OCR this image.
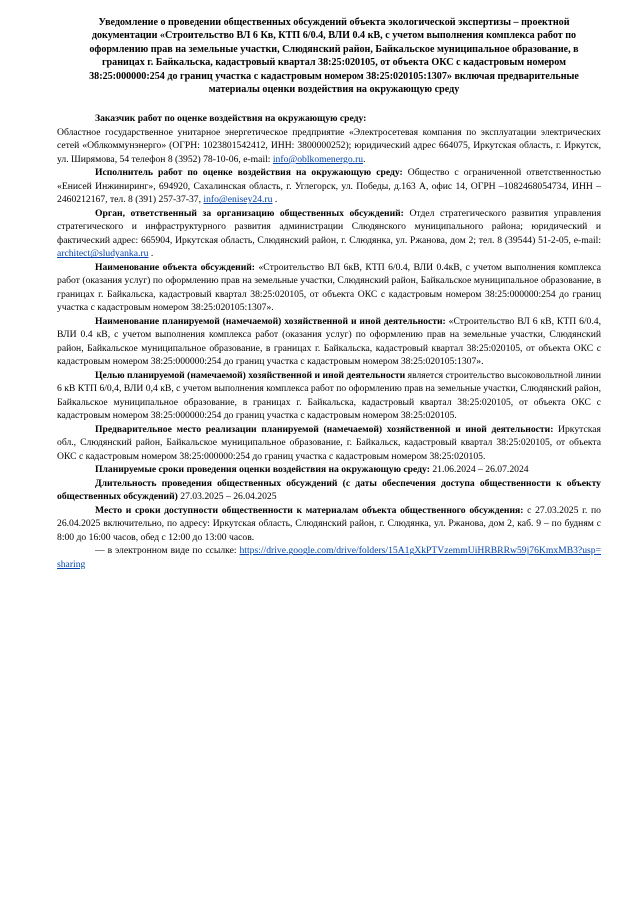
Уведомление о проведении общественных обсуждений объекта экологической экспертизы – проектной документации «Строительство ВЛ 6 Кв, КТП 6/0.4, ВЛИ 0.4 кВ, с учетом выполнения комплекса работ по оформлению прав на земельные участки, Слюдянский район, Байкальское муниципальное образование, в границах г. Байкальска, кадастровый квартал 38:25:020105, от объекта ОКС с кадастровым номером 38:25:000000:254 до границ участка с кадастровым номером 38:25:020105:1307» включая предварительные материалы оценки воздействия на окружающую среду

Заказчик работ по оценке воздействия на окружающую среду:
Областное государственное унитарное энергетическое предприятие «Электросетевая компания по эксплуатации электрических сетей «Облкоммунэнерго» (ОГРН: 1023801542412, ИНН: 3800000252); юридический адрес 664075, Иркутская область, г. Иркутск, ул. Ширямова, 54 телефон 8 (3952) 78-10-06, e-mail: info@oblkomenergo.ru.

Исполнитель работ по оценке воздействия на окружающую среду: Общество с ограниченной ответственностью «Енисей Инжиниринг», 694920, Сахалинская область, г. Углегорск, ул. Победы, д.163 А, офис 14, ОГРН –1082468054734, ИНН – 2460212167, тел. 8 (391) 257-37-37, info@enisey24.ru .

Орган, ответственный за организацию общественных обсуждений: Отдел стратегического развития управления стратегического и инфраструктурного развития администрации Слюдянского муниципального района; юридический и фактический адрес: 665904, Иркутская область, Слюдянский район, г. Слюдянка, ул. Ржанова, дом 2; тел. 8 (39544) 51-2-05, e-mail: architect@sludyanka.ru .

Наименование объекта обсуждений: «Строительство ВЛ 6кВ, КТП 6/0.4, ВЛИ 0.4кВ, с учетом выполнения комплекса работ (оказания услуг) по оформлению прав на земельные участки, Слюдянский район, Байкальское муниципальное образование, в границах г. Байкальска, кадастровый квартал 38:25:020105, от объекта ОКС с кадастровым номером 38:25:000000:254 до границ участка с кадастровым номером 38:25:020105:1307».

Наименование планируемой (намечаемой) хозяйственной и иной деятельности: «Строительство ВЛ 6 кВ, КТП 6/0.4, ВЛИ 0.4 кВ, с учетом выполнения комплекса работ (оказания услуг) по оформлению прав на земельные участки, Слюдянский район, Байкальское муниципальное образование, в границах г. Байкальска, кадастровый квартал 38:25:020105, от объекта ОКС с кадастровым номером 38:25:000000:254 до границ участка с кадастровым номером 38:25:020105:1307».

Целью планируемой (намечаемой) хозяйственной и иной деятельности является строительство высоковольтной линии 6 кВ КТП 6/0,4, ВЛИ 0,4 кВ, с учетом выполнения комплекса работ по оформлению прав на земельные участки, Слюдянский район, Байкальское муниципальное образование, в границах г. Байкальска, кадастровый квартал 38:25:020105, от объекта ОКС с кадастровым номером 38:25:000000:254 до границ участка с кадастровым номером 38:25:020105.

Предварительное место реализации планируемой (намечаемой) хозяйственной и иной деятельности: Иркутская обл., Слюдянский район, Байкальское муниципальное образование, г. Байкальск, кадастровый квартал 38:25:020105, от объекта ОКС с кадастровым номером 38:25:000000:254 до границ участка с кадастровым номером 38:25:020105.

Планируемые сроки проведения оценки воздействия на окружающую среду: 21.06.2024 – 26.07.2024

Длительность проведения общественных обсуждений (с даты обеспечения доступа общественности к объекту общественных обсуждений) 27.03.2025 – 26.04.2025

Место и сроки доступности общественности к материалам объекта общественного обсуждения: с 27.03.2025 г. по 26.04.2025 включительно, по адресу: Иркутская область, Слюдянский район, г. Слюдянка, ул. Ржанова, дом 2, каб. 9 – по будням с 8:00 до 16:00 часов, обед с 12:00 до 13:00 часов.

— в электронном виде по ссылке: https://drive.google.com/drive/folders/15A1gXkPTVzemmUiHRBRRw59j76KmxMB3?usp=sharing
